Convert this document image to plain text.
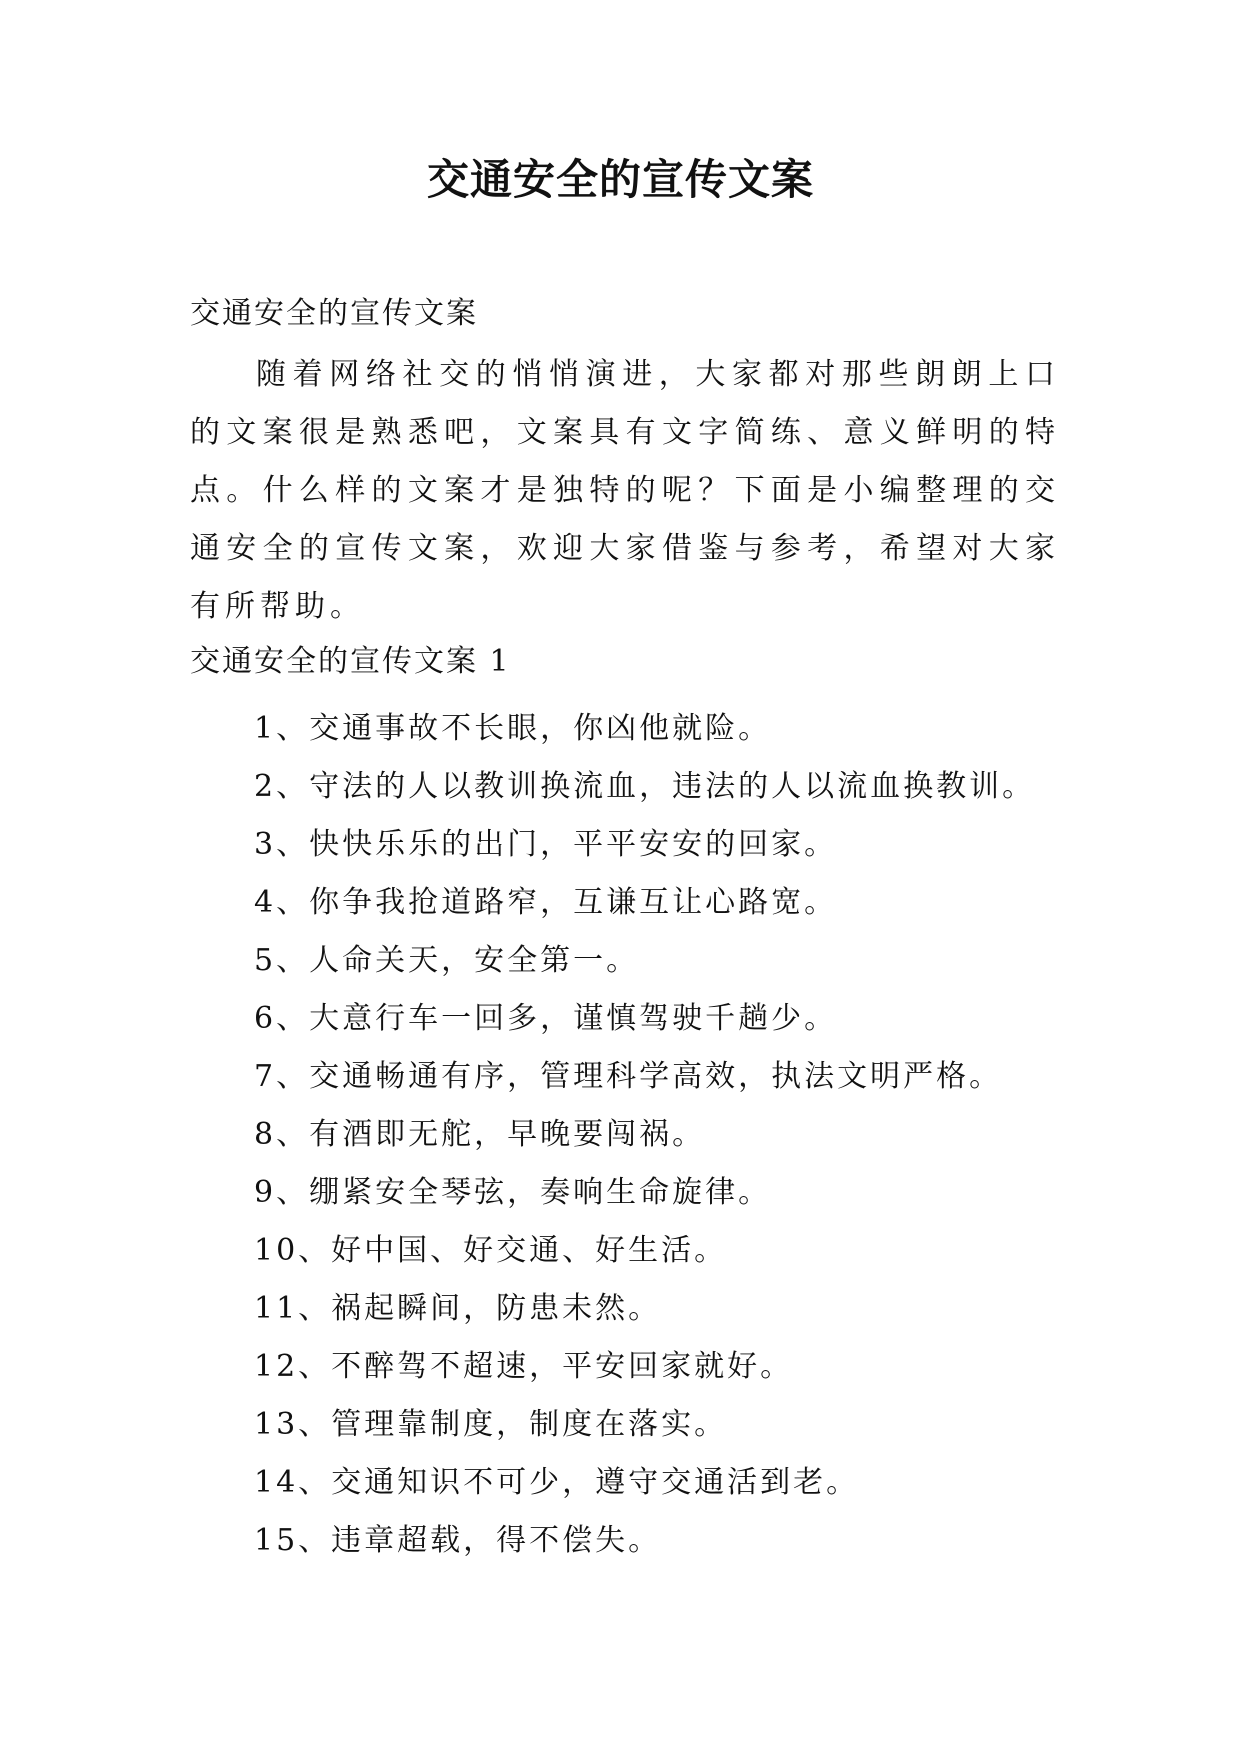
交通安全的宣传文案

交通安全的宣传文案

随着网络社交的悄悄演进，大家都对那些朗朗上口的文案很是熟悉吧，文案具有文字简练、意义鲜明的特点。什么样的文案才是独特的呢？下面是小编整理的交通安全的宣传文案，欢迎大家借鉴与参考，希望对大家有所帮助。

交通安全的宣传文案 1

1、交通事故不长眼，你凶他就险。
2、守法的人以教训换流血，违法的人以流血换教训。
3、快快乐乐的出门，平平安安的回家。
4、你争我抢道路窄，互谦互让心路宽。
5、人命关天，安全第一。
6、大意行车一回多，谨慎驾驶千趟少。
7、交通畅通有序，管理科学高效，执法文明严格。
8、有酒即无舵，早晚要闯祸。
9、绷紧安全琴弦，奏响生命旋律。
10、好中国、好交通、好生活。
11、祸起瞬间，防患未然。
12、不醉驾不超速，平安回家就好。
13、管理靠制度，制度在落实。
14、交通知识不可少，遵守交通活到老。
15、违章超载，得不偿失。
